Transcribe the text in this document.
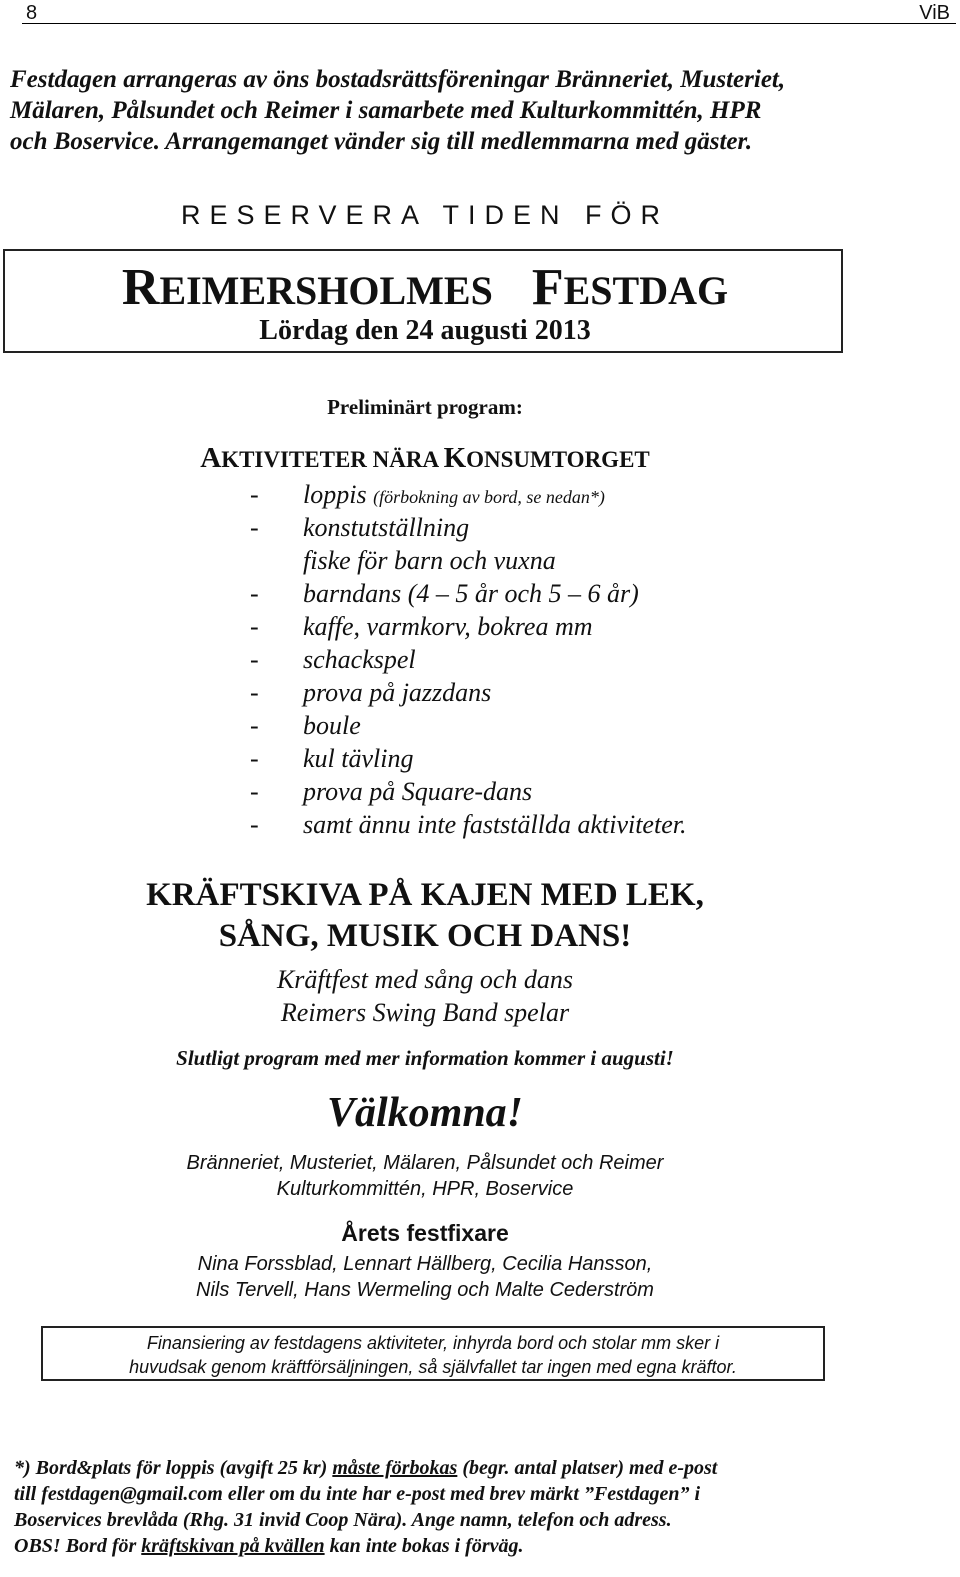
8	ViB
Festdagen arrangeras av öns bostadsrättsföreningar Bränneriet, Musteriet,
Mälaren, Pålsundet och Reimer i samarbete med Kulturkommittén, HPR
och Boservice. Arrangemanget vänder sig till medlemmarna med gäster.
RESERVERA TIDEN FÖR
REIMERSHOLMES FESTDAG
Lördag den 24 augusti 2013
Preliminärt program:
AKTIVITETER NÄRA KONSUMTORGET
-	loppis (förbokning av bord, se nedan*)
-	konstutställning
fiske för barn och vuxna
-	barndans (4 – 5 år och 5 – 6 år)
-	kaffe, varmkorv, bokrea mm
-	schackspel
-	prova på jazzdans
-	boule
-	kul tävling
-	prova på Square-dans
-	samt ännu inte fastställda aktiviteter.
KRÄFTSKIVA PÅ KAJEN MED LEK,
SÅNG, MUSIK OCH DANS!
Kräftfest med sång och dans
Reimers Swing Band spelar
Slutligt program med mer information kommer i augusti!
Välkomna!
Bränneriet, Musteriet, Mälaren, Pålsundet och Reimer
Kulturkommittén, HPR, Boservice
Årets festfixare
Nina Forssblad, Lennart Hällberg, Cecilia Hansson,
Nils Tervell, Hans Wermeling och Malte Cederström
Finansiering av festdagens aktiviteter, inhyrda bord och stolar mm sker i
huvudsak genom kräftförsäljningen, så självfallet tar ingen med egna kräftor.
*) Bord&plats för loppis (avgift 25 kr) måste förbokas (begr. antal platser) med e-post
till festdagen@gmail.com eller om du inte har e-post med brev märkt ”Festdagen” i
Boservices brevlåda (Rhg. 31 invid Coop Nära). Ange namn, telefon och adress.
OBS! Bord för kräftskivan på kvällen kan inte bokas i förväg.
